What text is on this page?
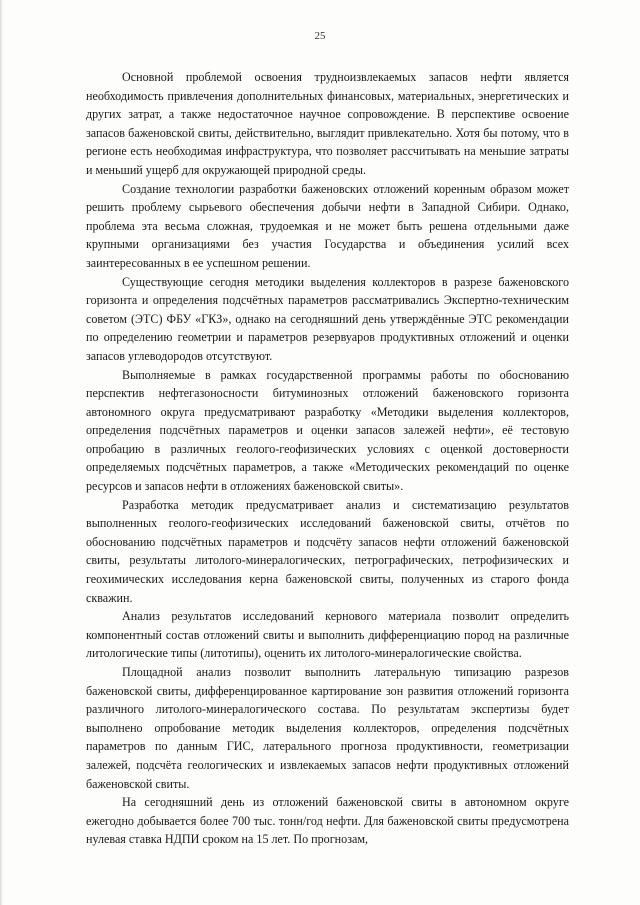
25

Основной проблемой освоения трудноизвлекаемых запасов нефти является необходимость привлечения дополнительных финансовых, материальных, энергетических и других затрат, а также недостаточное научное сопровождение. В перспективе освоение запасов баженовской свиты, действительно, выглядит привлекательно. Хотя бы потому, что в регионе есть необходимая инфраструктура, что позволяет рассчитывать на меньшие затраты и меньший ущерб для окружающей природной среды.

Создание технологии разработки баженовских отложений коренным образом может решить проблему сырьевого обеспечения добычи нефти в Западной Сибири. Однако, проблема эта весьма сложная, трудоемкая и не может быть решена отдельными даже крупными организациями без участия Государства и объединения усилий всех заинтересованных в ее успешном решении.

Существующие сегодня методики выделения коллекторов в разрезе баженовского горизонта и определения подсчётных параметров рассматривались Экспертно-техническим советом (ЭТС) ФБУ «ГКЗ», однако на сегодняшний день утверждённые ЭТС рекомендации по определению геометрии и параметров резервуаров продуктивных отложений и оценки запасов углеводородов отсутствуют.

Выполняемые в рамках государственной программы работы по обоснованию перспектив нефтегазоносности битуминозных отложений баженовского горизонта автономного округа предусматривают разработку «Методики выделения коллекторов, определения подсчётных параметров и оценки запасов залежей нефти», её тестовую опробацию в различных геолого-геофизических условиях с оценкой достоверности определяемых подсчётных параметров, а также «Методических рекомендаций по оценке ресурсов и запасов нефти в отложениях баженовской свиты».

Разработка методик предусматривает анализ и систематизацию результатов выполненных геолого-геофизических исследований баженовской свиты, отчётов по обоснованию подсчётных параметров и подсчёту запасов нефти отложений баженовской свиты, результаты литолого-минералогических, петрографических, петрофизических и геохимических исследования керна баженовской свиты, полученных из старого фонда скважин.

Анализ результатов исследований кернового материала позволит определить компонентный состав отложений свиты и выполнить дифференциацию пород на различные литологические типы (литотипы), оценить их литолого-минералогические свойства.

Площадной анализ позволит выполнить латеральную типизацию разрезов баженовской свиты, дифференцированное картирование зон развития отложений горизонта различного литолого-минералогического состава. По результатам экспертизы будет выполнено опробование методик выделения коллекторов, определения подсчётных параметров по данным ГИС, латерального прогноза продуктивности, геометризации залежей, подсчёта геологических и извлекаемых запасов нефти продуктивных отложений баженовской свиты.

На сегодняшний день из отложений баженовской свиты в автономном округе ежегодно добывается более 700 тыс. тонн/год нефти. Для баженовской свиты предусмотрена нулевая ставка НДПИ сроком на 15 лет. По прогнозам,
